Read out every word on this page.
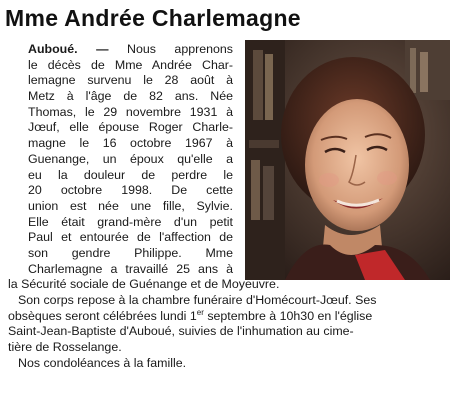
Mme Andrée Charlemagne
Auboué. — Nous apprenons
le décès de Mme Andrée Char-
lemagne survenu le 28 août à
Metz à l'âge de 82 ans. Née
Thomas, le 29 novembre 1931 à
Jœuf, elle épouse Roger Charle-
magne le 16 octobre 1967 à
Guenange, un époux qu'elle a
eu la douleur de perdre le
20 octobre 1998. De cette
union est née une fille, Sylvie.
Elle était grand-mère d'un petit
Paul et entourée de l'affection de
son gendre Philippe. Mme
Charlemagne a travaillé 25 ans à
la Sécurité sociale de Guénange et de Moyeuvre.
Son corps repose à la chambre funéraire d'Homécourt-Jœuf. Ses
obsèques seront célébrées lundi 1er septembre à 10h30 en l'église
Saint-Jean-Baptiste d'Auboué, suivies de l'inhumation au cime-
tière de Rosselange.
Nos condoléances à la famille.
